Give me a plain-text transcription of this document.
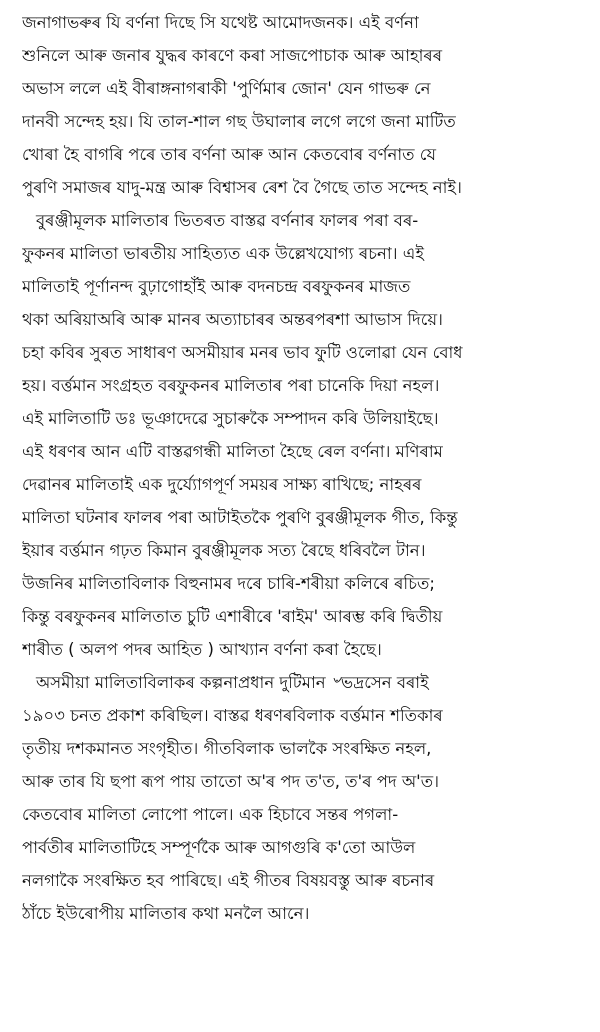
জনাগাভৰুৰ যি বৰ্ণনা দিছে সি যথেষ্ট আমোদজনক। এই বৰ্ণনা
শুনিলে আৰু জনাৰ যুদ্ধৰ কাৰণে কৰা সাজপোচাক আৰু আহাৰৰ
অভাস ললে এই বীৰাঙ্গনাগৰাকী 'পুৰ্ণিমাৰ জোন' যেন গাভৰু নে
দানবী সন্দেহ হয়। যি তাল-শাল গছ উঘালাৰ লগে লগে জনা মাটিত
খোৰা হৈ বাগৰি পৰে তাৰ বৰ্ণনা আৰু আন কেতবোৰ বৰ্ণনাত যে
পুৰণি সমাজৰ যাদু-মন্ত্ৰ আৰু বিশ্বাসৰ ৰেশ বৈ গৈছে তাত সন্দেহ নাই।
বুৰঞ্জীমূলক মালিতাৰ ভিতৰত বাস্তৱ বৰ্ণনাৰ ফালৰ পৰা বৰ-
ফুকনৰ মালিতা ভাৰতীয় সাহিত্যত এক উল্লেখযোগ্য ৰচনা। এই
মালিতাই পূৰ্ণানন্দ বুঢ়াগোহাঁই আৰু বদনচন্দ্ৰ বৰফুকনৰ মাজত
থকা অৰিয়াঅৰি আৰু মানৰ অত্যাচাৰৰ অন্তৰপৰশা আভাস দিয়ে।
চহা কবিৰ সুৰত সাধাৰণ অসমীয়াৰ মনৰ ভাব ফুটি ওলোৱা যেন বোধ
হয়। বৰ্ত্তমান সংগ্ৰহত বৰফুকনৰ মালিতাৰ পৰা চানেকি দিয়া নহল।
এই মালিতাটি ডঃ ভূঞাদেৱে সুচাৰুকৈ সম্পাদন কৰি উলিয়াইছে।
এই ধৰণৰ আন এটি বাস্তৱগন্ধী মালিতা হৈছে ৰেল বৰ্ণনা। মণিৰাম
দেৱানৰ মালিতাই এক দুৰ্য্যোগপূৰ্ণ সময়ৰ সাক্ষ্য ৰাখিছে; নাহৰৰ
মালিতা ঘটনাৰ ফালৰ পৰা আটাইতকৈ পুৰণি বুৰঞ্জীমূলক গীত, কিন্তু
ইয়াৰ বৰ্ত্তমান গঢ়ত কিমান বুৰঞ্জীমূলক সত্য ৰৈছে ধৰিবলৈ টান।
উজনিৰ মালিতাবিলাক বিহুনামৰ দৰে চাৰি-শৰীয়া কলিৰে ৰচিত;
কিন্তু বৰফুকনৰ মালিতাত চুটি এশাৰীৰে 'ৰাইম' আৰম্ভ কৰি দ্বিতীয়
শাৰীত ( অলপ পদৰ আহিত ) আখ্যান বৰ্ণনা কৰা হৈছে।
অসমীয়া মালিতাবিলাকৰ কল্পনাপ্ৰধান দুটিমান ৺ভদ্ৰসেন বৰাই
১৯০৩ চনত প্ৰকাশ কৰিছিল। বাস্তৱ ধৰণৰবিলাক বৰ্ত্তমান শতিকাৰ
তৃতীয় দশকমানত সংগৃহীত। গীতবিলাক ভালকৈ সংৰক্ষিত নহল,
আৰু তাৰ যি ছপা ৰূপ পায় তাতো অ'ৰ পদ ত'ত, ত'ৰ পদ অ'ত।
কেতবোৰ মালিতা লোপো পালে। এক হিচাবে সন্তৰ পগলা-
পাৰ্বতীৰ মালিতাটিহে সম্পূৰ্ণকৈ আৰু আগগুৰি ক'তো আউল
নলগাকৈ সংৰক্ষিত হব পাৰিছে। এই গীতৰ বিষয়বস্তু আৰু ৰচনাৰ
ঠাঁচে ইউৰোপীয় মালিতাৰ কথা মনলৈ আনে।
